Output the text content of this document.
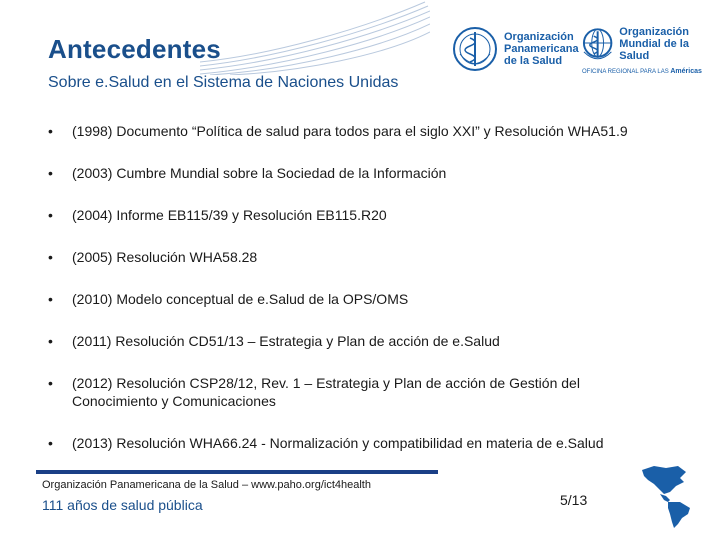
Antecedentes
Sobre e.Salud en el Sistema de Naciones Unidas
Organización
Panamericana
de la Salud
Organización
Mundial de la Salud
OFICINA REGIONAL PARA LAS Américas
• (1998) Documento “Política de salud para todos para el siglo XXI” y Resolución WHA51.9
• (2003) Cumbre Mundial sobre la Sociedad de la Información
• (2004) Informe EB115/39 y Resolución EB115.R20
• (2005) Resolución WHA58.28
• (2010) Modelo conceptual de e.Salud de la OPS/OMS
• (2011) Resolución CD51/13 – Estrategia y Plan de acción de e.Salud
• (2012) Resolución CSP28/12, Rev. 1 – Estrategia y Plan de acción de Gestión del Conocimiento y Comunicaciones
• (2013) Resolución WHA66.24 - Normalización y compatibilidad en materia de e.Salud
Organización Panamericana de la Salud – www.paho.org/ict4health
111 años de salud pública	5/13
